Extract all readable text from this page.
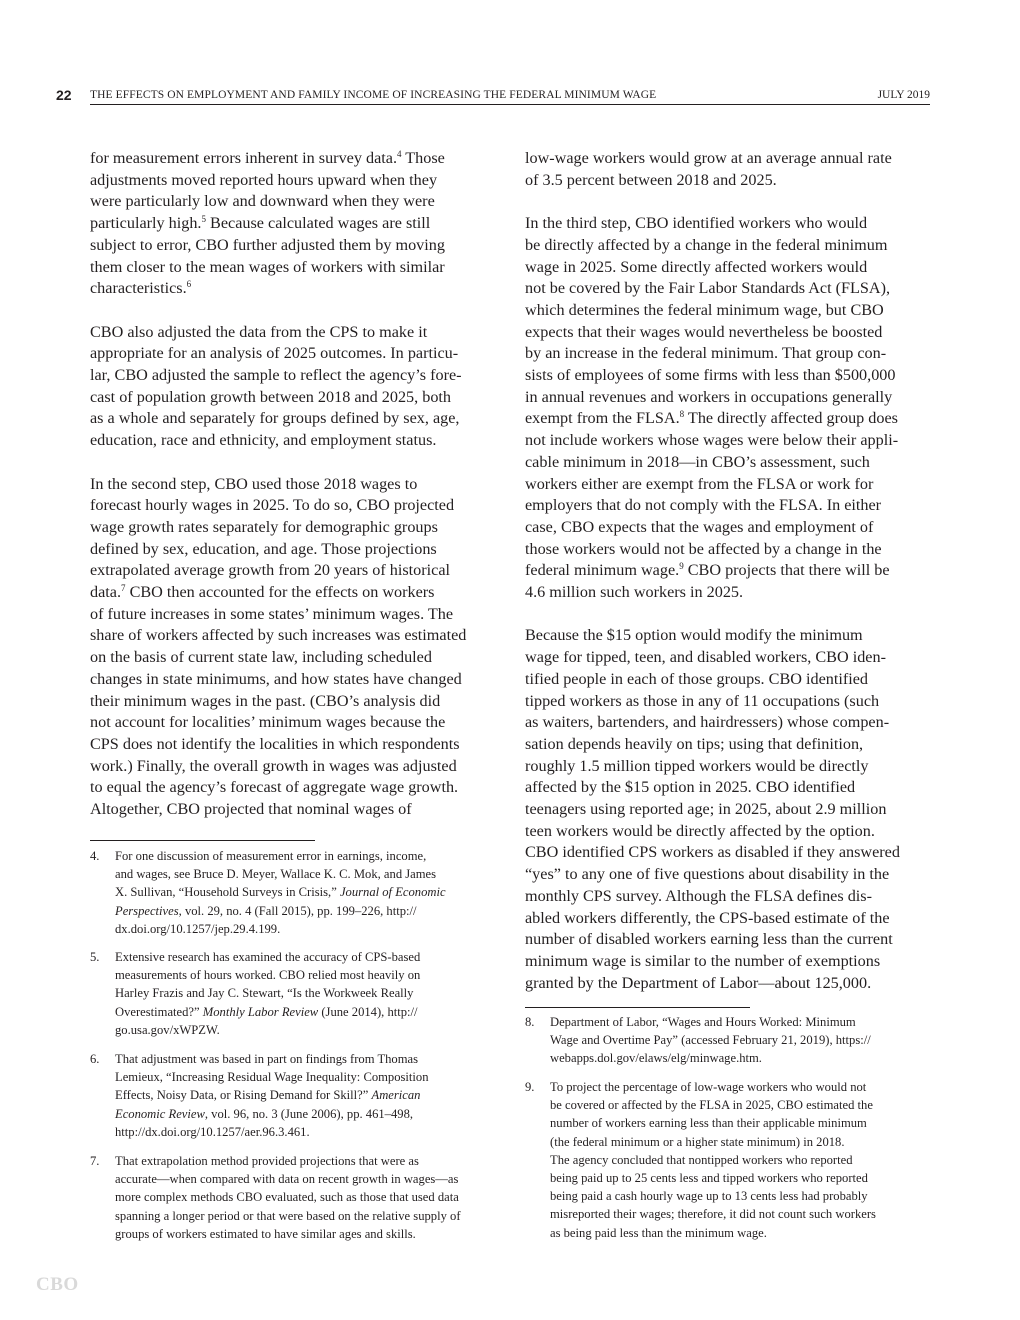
22 THE EFFECTS ON EMPLOYMENT AND FAMILY INCOME OF INCREASING THE FEDERAL MINIMUM WAGE	JULY 2019

for measurement errors inherent in survey data.$^4$ Those
adjustments moved reported hours upward when they
were particularly low and downward when they were
particularly high.$^5$ Because calculated wages are still
subject to error, CBO further adjusted them by moving
them closer to the mean wages of workers with similar
characteristics.$^6$

CBO also adjusted the data from the CPS to make it
appropriate for an analysis of 2025 outcomes. In particu-
lar, CBO adjusted the sample to reflect the agency’s fore-
cast of population growth between 2018 and 2025, both
as a whole and separately for groups defined by sex, age,
education, race and ethnicity, and employment status.

In the second step, CBO used those 2018 wages to
forecast hourly wages in 2025. To do so, CBO projected
wage growth rates separately for demographic groups
defined by sex, education, and age. Those projections
extrapolated average growth from 20 years of historical
data.$^7$ CBO then accounted for the effects on workers
of future increases in some states’ minimum wages. The
share of workers affected by such increases was estimated
on the basis of current state law, including scheduled
changes in state minimums, and how states have changed
their minimum wages in the past. (CBO’s analysis did
not account for localities’ minimum wages because the
CPS does not identify the localities in which respondents
work.) Finally, the overall growth in wages was adjusted
to equal the agency’s forecast of aggregate wage growth.
Altogether, CBO projected that nominal wages of

low-wage workers would grow at an average annual rate
of 3.5 percent between 2018 and 2025.

In the third step, CBO identified workers who would
be directly affected by a change in the federal minimum
wage in 2025. Some directly affected workers would
not be covered by the Fair Labor Standards Act (FLSA),
which determines the federal minimum wage, but CBO
expects that their wages would nevertheless be boosted
by an increase in the federal minimum. That group con-
sists of employees of some firms with less than $500,000
in annual revenues and workers in occupations generally
exempt from the FLSA.$^8$ The directly affected group does
not include workers whose wages were below their appli-
cable minimum in 2018—in CBO’s assessment, such
workers either are exempt from the FLSA or work for
employers that do not comply with the FLSA. In either
case, CBO expects that the wages and employment of
those workers would not be affected by a change in the
federal minimum wage.$^9$ CBO projects that there will be
4.6 million such workers in 2025.

Because the $15 option would modify the minimum
wage for tipped, teen, and disabled workers, CBO iden-
tified people in each of those groups. CBO identified
tipped workers as those in any of 11 occupations (such
as waiters, bartenders, and hairdressers) whose compen-
sation depends heavily on tips; using that definition,
roughly 1.5 million tipped workers would be directly
affected by the $15 option in 2025. CBO identified
teenagers using reported age; in 2025, about 2.9 million
teen workers would be directly affected by the option.
CBO identified CPS workers as disabled if they answered
“yes” to any one of five questions about disability in the
monthly CPS survey. Although the FLSA defines dis-
abled workers differently, the CPS-based estimate of the
number of disabled workers earning less than the current
minimum wage is similar to the number of exemptions
granted by the Department of Labor—about 125,000.

4. For one discussion of measurement error in earnings, income,
and wages, see Bruce D. Meyer, Wallace K. C. Mok, and James
X. Sullivan, “Household Surveys in Crisis,” Journal of Economic
Perspectives, vol. 29, no. 4 (Fall 2015), pp. 199–226, http://
dx.doi.org/10.1257/jep.29.4.199.
5. Extensive research has examined the accuracy of CPS-based
measurements of hours worked. CBO relied most heavily on
Harley Frazis and Jay C. Stewart, “Is the Workweek Really
Overestimated?” Monthly Labor Review (June 2014), http://
go.usa.gov/xWPZW.
6. That adjustment was based in part on findings from Thomas
Lemieux, “Increasing Residual Wage Inequality: Composition
Effects, Noisy Data, or Rising Demand for Skill?” American
Economic Review, vol. 96, no. 3 (June 2006), pp. 461–498,
http://dx.doi.org/10.1257/aer.96.3.461.
7. That extrapolation method provided projections that were as
accurate—when compared with data on recent growth in wages—as
more complex methods CBO evaluated, such as those that used data
spanning a longer period or that were based on the relative supply of
groups of workers estimated to have similar ages and skills.
8. Department of Labor, “Wages and Hours Worked: Minimum
Wage and Overtime Pay” (accessed February 21, 2019), https://
webapps.dol.gov/elaws/elg/minwage.htm.
9. To project the percentage of low-wage workers who would not
be covered or affected by the FLSA in 2025, CBO estimated the
number of workers earning less than their applicable minimum
(the federal minimum or a higher state minimum) in 2018.
The agency concluded that nontipped workers who reported
being paid up to 25 cents less and tipped workers who reported
being paid a cash hourly wage up to 13 cents less had probably
misreported their wages; therefore, it did not count such workers
as being paid less than the minimum wage.
CBO
